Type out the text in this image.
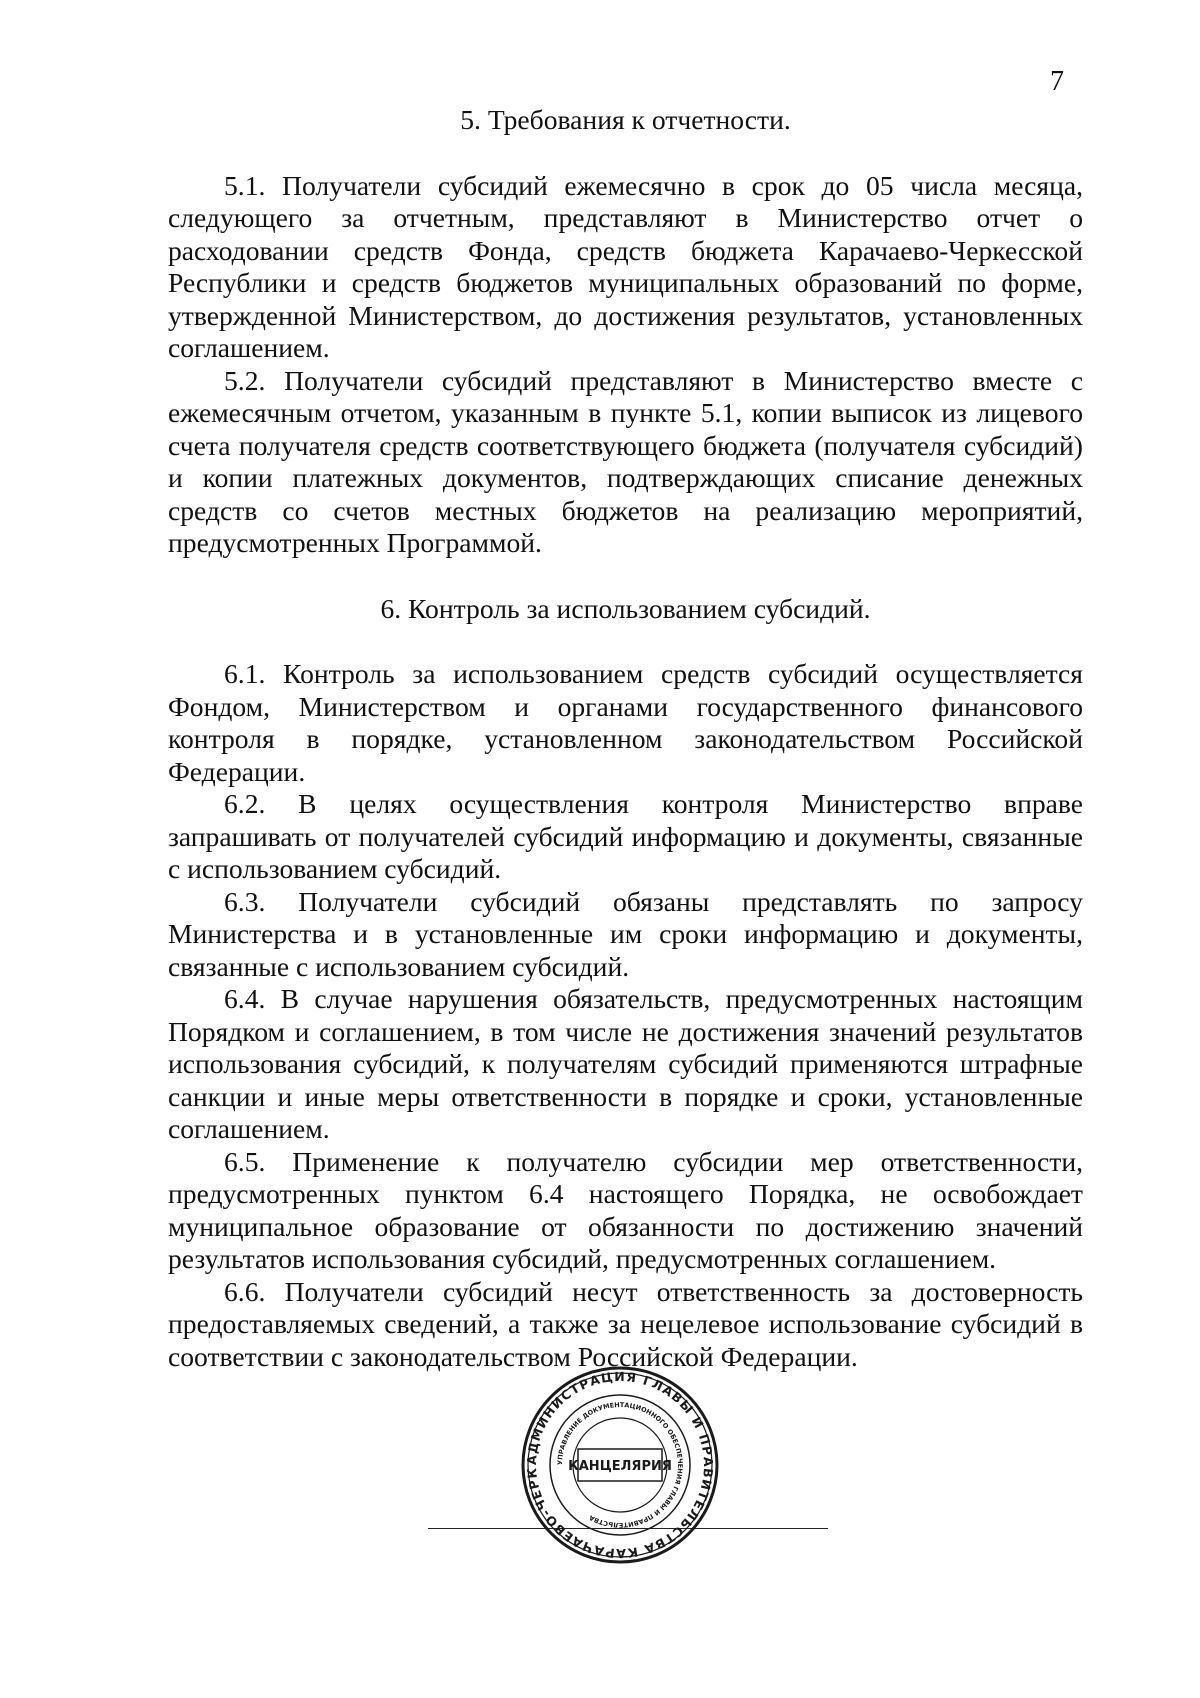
7
5. Требования к отчетности.

5.1. Получатели субсидий ежемесячно в срок до 05 числа месяца, следующего за отчетным, представляют в Министерство отчет о расходовании средств Фонда, средств бюджета Карачаево-Черкесской Республики и средств бюджетов муниципальных образований по форме, утвержденной Министерством, до достижения результатов, установленных соглашением.

5.2. Получатели субсидий представляют в Министерство вместе с ежемесячным отчетом, указанным в пункте 5.1, копии выписок из лицевого счета получателя средств соответствующего бюджета (получателя субсидий) и копии платежных документов, подтверждающих списание денежных средств со счетов местных бюджетов на реализацию мероприятий, предусмотренных Программой.

6. Контроль за использованием субсидий.

6.1. Контроль за использованием средств субсидий осуществляется Фондом, Министерством и органами государственного финансового контроля в порядке, установленном законодательством Российской Федерации.

6.2. В целях осуществления контроля Министерство вправе запрашивать от получателей субсидий информацию и документы, связанные с использованием субсидий.

6.3. Получатели субсидий обязаны представлять по запросу Министерства и в установленные им сроки информацию и документы, связанные с использованием субсидий.

6.4. В случае нарушения обязательств, предусмотренных настоящим Порядком и соглашением, в том числе не достижения значений результатов использования субсидий, к получателям субсидий применяются штрафные санкции и иные меры ответственности в порядке и сроки, установленные соглашением.

6.5. Применение к получателю субсидии мер ответственности, предусмотренных пунктом 6.4 настоящего Порядка, не освобождает муниципальное образование от обязанности по достижению значений результатов использования субсидий, предусмотренных соглашением.

6.6. Получатели субсидий несут ответственность за достоверность предоставляемых сведений, а также за нецелевое использование субсидий в соответствии с законодательством Российской Федерации.

АДМИНИСТРАЦИЯ ГЛАВЫ И ПРАВИТЕЛЬСТВА КАРАЧАЕВО-ЧЕРК
УПРАВЛЕНИЕ ДОКУМЕНТАЦИОННОГО ОБЕСПЕЧЕНИЯ ГЛАВЫ И ПРАВИТЕЛЬСТВА
КАНЦЕЛЯРИЯ
